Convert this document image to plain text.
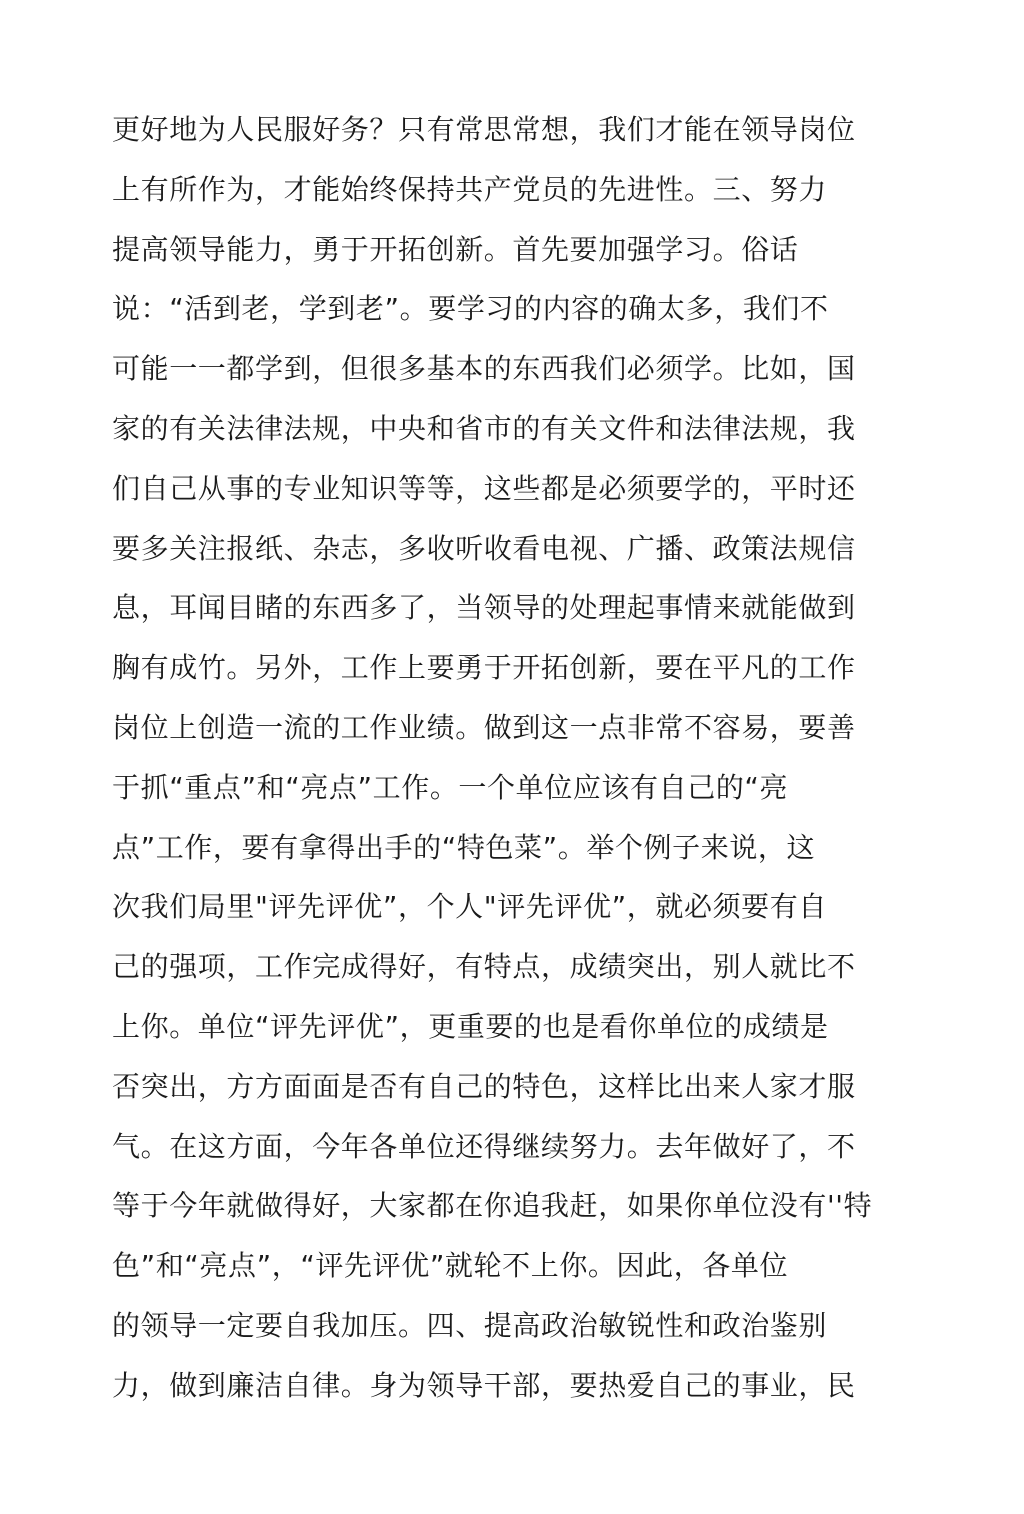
更好地为人民服好务？只有常思常想，我们才能在领导岗位
上有所作为，才能始终保持共产党员的先进性。三、努力
提高领导能力，勇于开拓创新。首先要加强学习。俗话
说：“活到老，学到老”。要学习的内容的确太多，我们不
可能一一都学到，但很多基本的东西我们必须学。比如，国
家的有关法律法规，中央和省市的有关文件和法律法规，我
们自己从事的专业知识等等，这些都是必须要学的，平时还
要多关注报纸、杂志，多收听收看电视、广播、政策法规信
息，耳闻目睹的东西多了，当领导的处理起事情来就能做到
胸有成竹。另外，工作上要勇于开拓创新，要在平凡的工作
岗位上创造一流的工作业绩。做到这一点非常不容易，要善
于抓“重点”和“亮点”工作。一个单位应该有自己的“亮
点”工作，要有拿得出手的“特色菜”。举个例子来说，这
次我们局里"评先评优”，个人"评先评优”，就必须要有自
己的强项，工作完成得好，有特点，成绩突出，别人就比不
上你。单位“评先评优”，更重要的也是看你单位的成绩是
否突出，方方面面是否有自己的特色，这样比出来人家才服
气。在这方面，今年各单位还得继续努力。去年做好了，不
等于今年就做得好，大家都在你追我赶，如果你单位没有''特
色”和“亮点”，“评先评优”就轮不上你。因此，各单位
的领导一定要自我加压。四、提高政治敏锐性和政治鉴别
力，做到廉洁自律。身为领导干部，要热爱自己的事业，民
